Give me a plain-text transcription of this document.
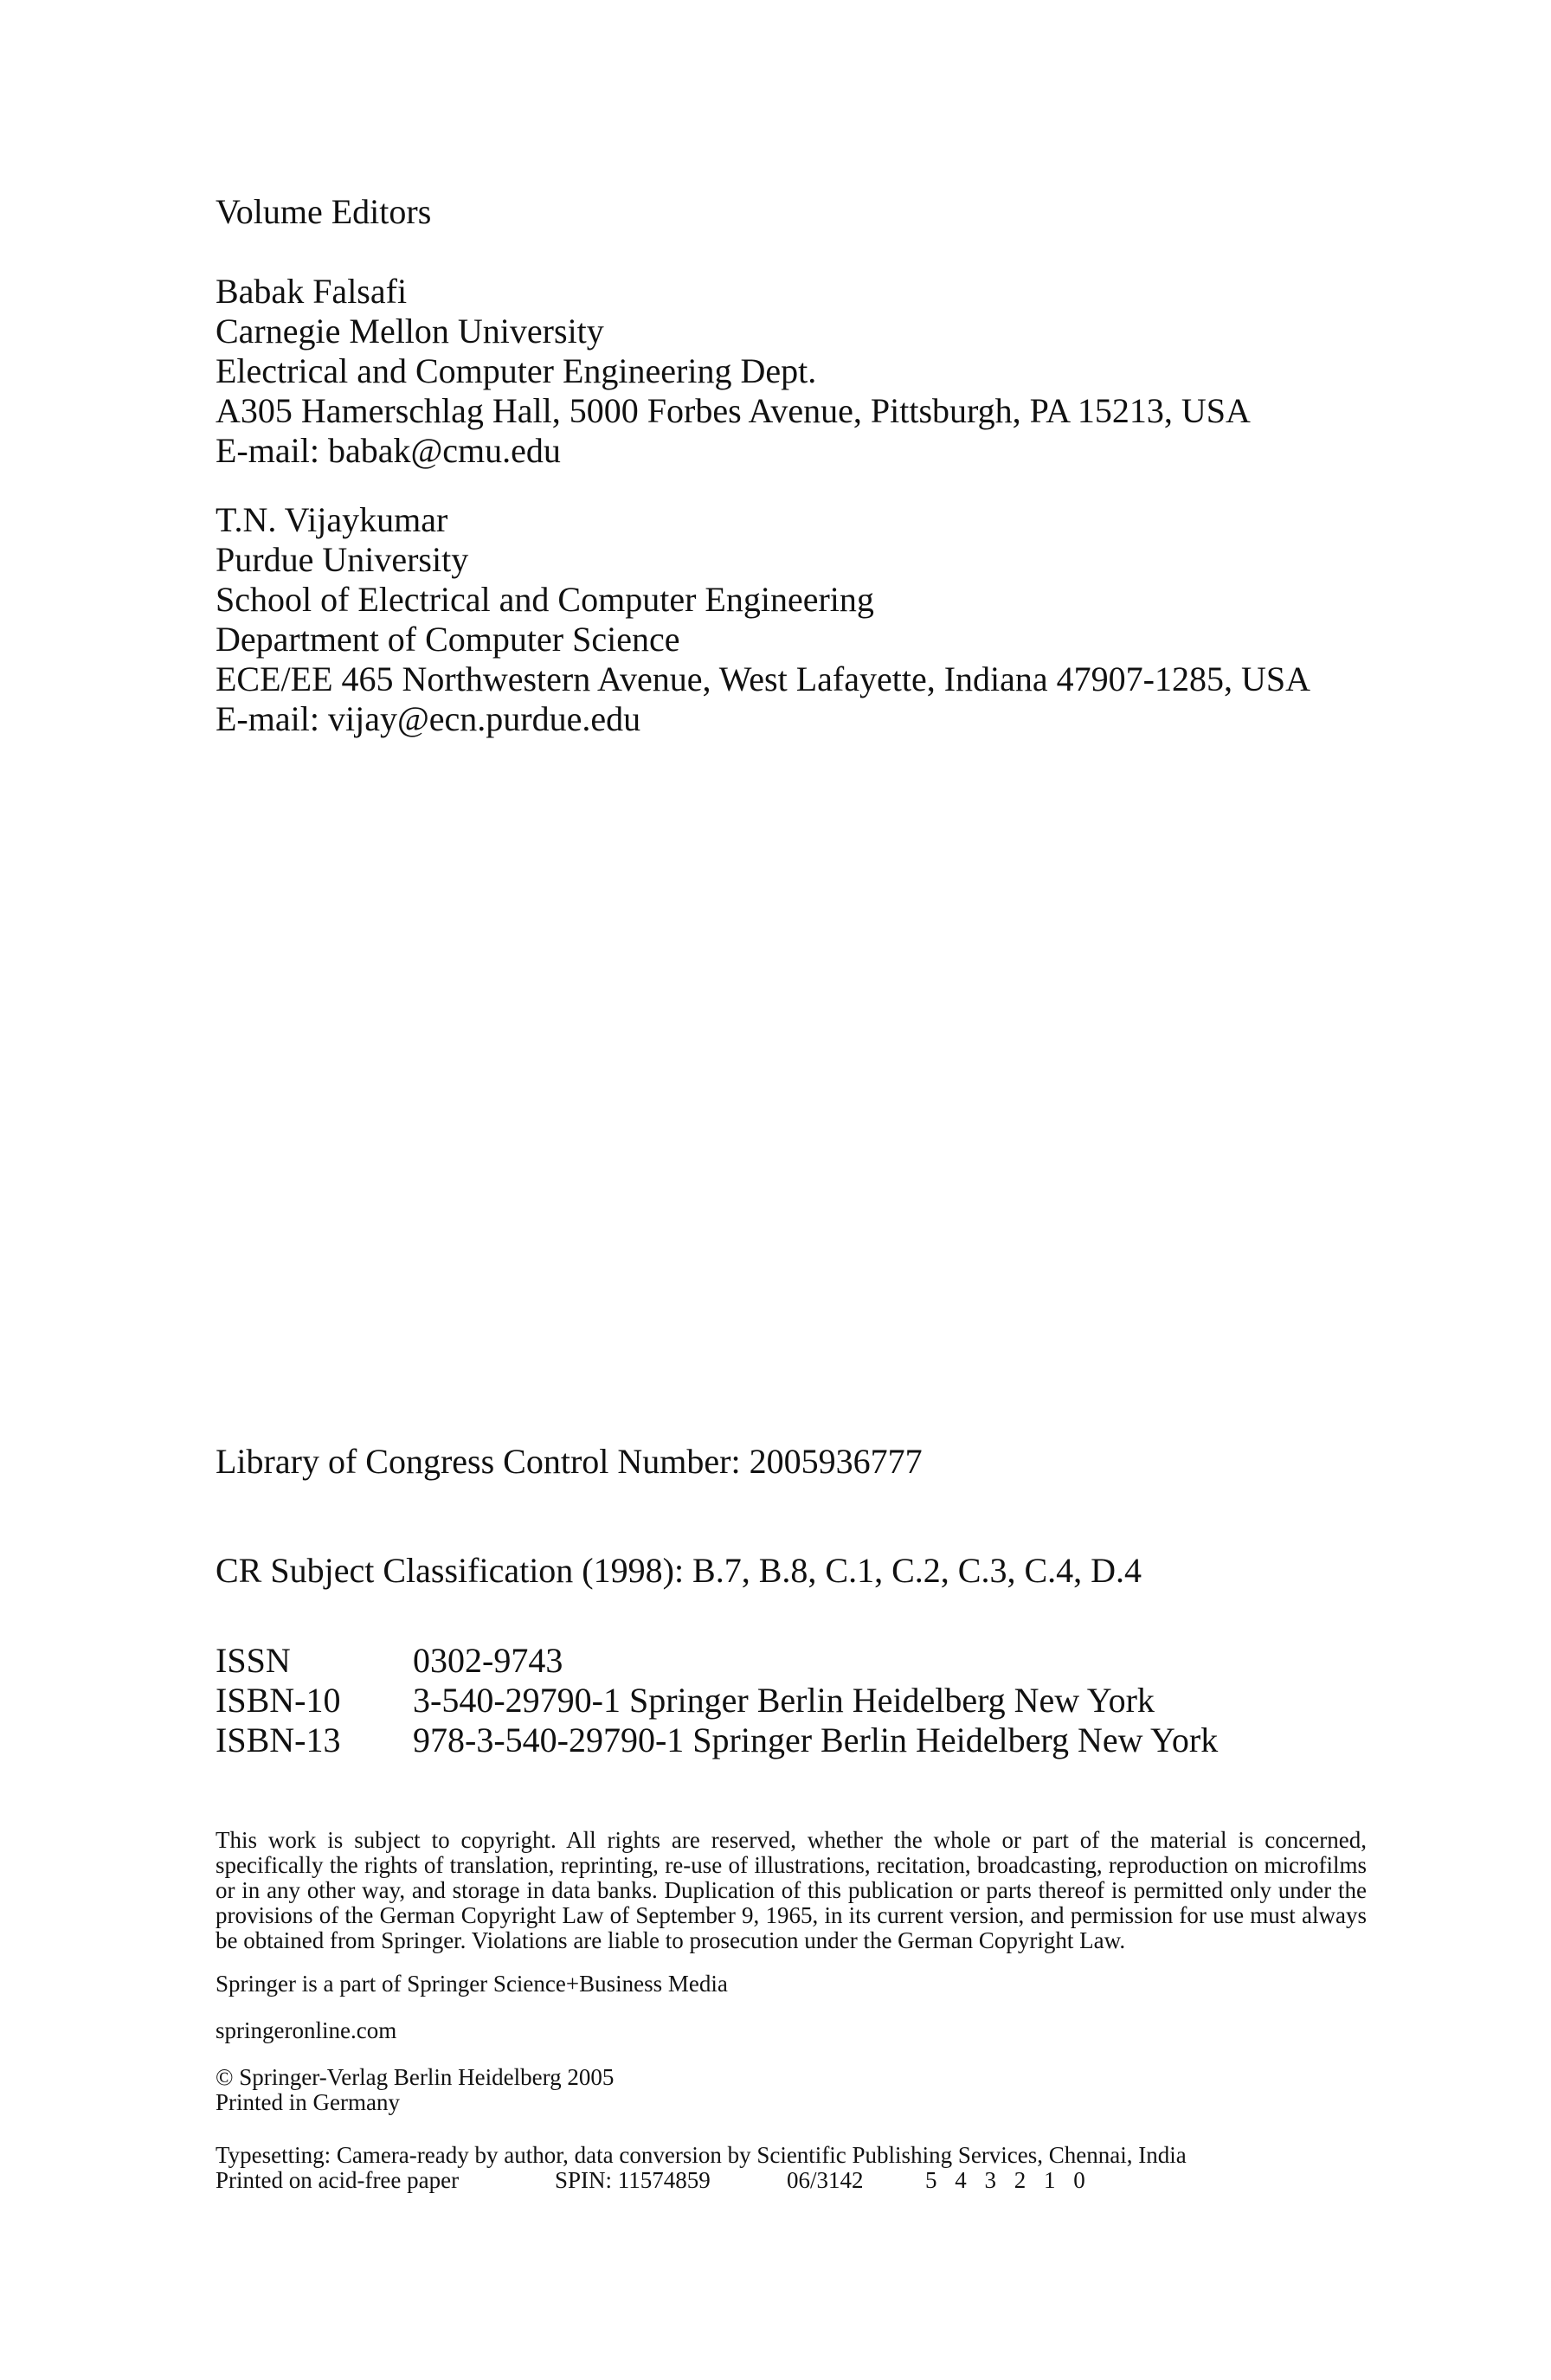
Volume Editors
Babak Falsafi
Carnegie Mellon University
Electrical and Computer Engineering Dept.
A305 Hamerschlag Hall, 5000 Forbes Avenue, Pittsburgh, PA 15213, USA
E-mail: babak@cmu.edu
T.N. Vijaykumar
Purdue University
School of Electrical and Computer Engineering
Department of Computer Science
ECE/EE 465 Northwestern Avenue, West Lafayette, Indiana 47907-1285, USA
E-mail: vijay@ecn.purdue.edu
Library of Congress Control Number: 2005936777
CR Subject Classification (1998): B.7, B.8, C.1, C.2, C.3, C.4, D.4
ISSN	0302-9743
ISBN-10	3-540-29790-1 Springer Berlin Heidelberg New York
ISBN-13	978-3-540-29790-1 Springer Berlin Heidelberg New York
This work is subject to copyright. All rights are reserved, whether the whole or part of the material is concerned, specifically the rights of translation, reprinting, re-use of illustrations, recitation, broadcasting, reproduction on microfilms or in any other way, and storage in data banks. Duplication of this publication or parts thereof is permitted only under the provisions of the German Copyright Law of September 9, 1965, in its current version, and permission for use must always be obtained from Springer. Violations are liable to prosecution under the German Copyright Law.
Springer is a part of Springer Science+Business Media
springeronline.com
© Springer-Verlag Berlin Heidelberg 2005
Printed in Germany
Typesetting: Camera-ready by author, data conversion by Scientific Publishing Services, Chennai, India
Printed on acid-free paper	SPIN: 11574859	06/3142	5 4 3 2 1 0
